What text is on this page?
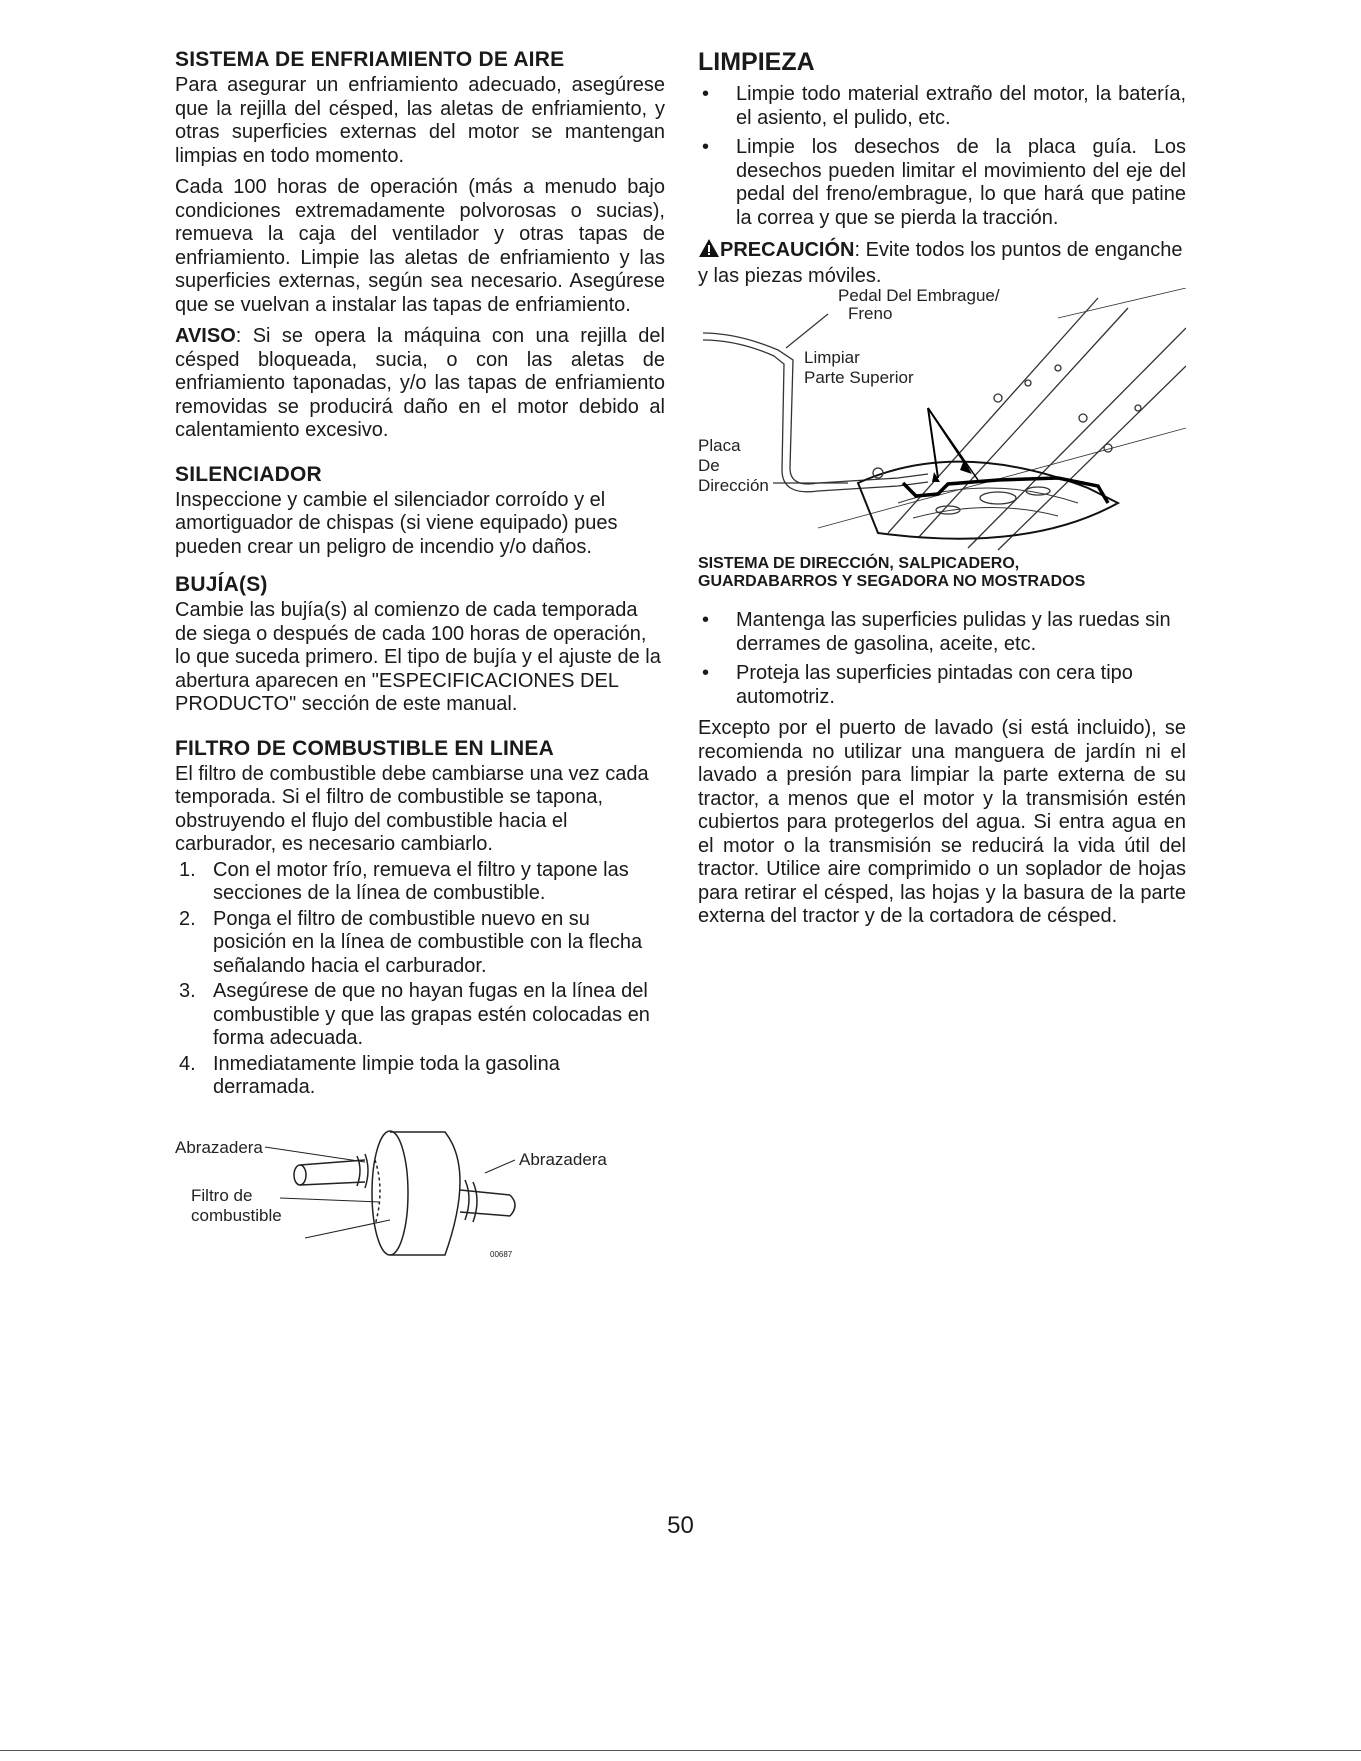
SISTEMA DE ENFRIAMIENTO DE AIRE

Para asegurar un enfriamiento adecuado, asegúrese que la rejilla del césped, las aletas de enfriamiento, y otras superficies externas del motor se mantengan limpias en todo momento.

Cada 100 horas de operación (más a menudo bajo condiciones extremadamente polvorosas o sucias), remueva la caja del ventilador y otras tapas de enfriamiento. Limpie las aletas de enfriamiento y las superficies externas, según sea necesario. Asegúrese que se vuelvan a instalar las tapas de enfriamiento.

AVISO: Si se opera la máquina con una rejilla del césped bloqueada, sucia, o con las aletas de enfriamiento taponadas, y/o las tapas de enfriamiento removidas se producirá daño en el motor debido al calentamiento excesivo.

SILENCIADOR

Inspeccione y cambie el silenciador corroído y el amortiguador de chispas (si viene equipado) pues pueden crear un peligro de incendio y/o daños.

BUJÍA(S)

Cambie las bujía(s) al comienzo de cada temporada de siega o después de cada 100 horas de operación, lo que suceda primero. El tipo de bujía y el ajuste de la abertura aparecen en "ESPECIFICACIONES DEL PRODUCTO" sección de este manual.

FILTRO DE COMBUSTIBLE EN LINEA

El filtro de combustible debe cambiarse una vez cada temporada. Si el filtro de combustible se tapona, obstruyendo el flujo del combustible hacia el carburador, es necesario cambiarlo.

1. Con el motor frío, remueva el filtro y tapone las secciones de la línea de combustible.
2. Ponga el filtro de combustible nuevo en su posición en la línea de combustible con la flecha señalando hacia el carburador.
3. Asegúrese de que no hayan fugas en la línea del combustible y que las grapas estén colocadas en forma adecuada.
4. Inmediatamente limpie toda la gasolina derramada.
Abrazadera
Abrazadera
Filtro de
combustible
00687
LIMPIEZA
• Limpie todo material extraño del motor, la batería, el asiento, el pulido, etc.
• Limpie los desechos de la placa guía. Los desechos pueden limitar el movimiento del eje del pedal del freno/embrague, lo que hará que patine la correa y que se pierda la tracción.
PRECAUCIÓN: Evite todos los puntos de enganche y las piezas móviles.
Pedal Del Embrague/
Freno
Limpiar
Parte Superior
Placa
De
Dirección
SISTEMA DE DIRECCIÓN, SALPICADERO,
GUARDABARROS Y SEGADORA NO MOSTRADOS
• Mantenga las superficies pulidas y las ruedas sin derrames de gasolina, aceite, etc.
• Proteja las superficies pintadas con cera tipo automotriz.

Excepto por el puerto de lavado (si está incluido), se recomienda no utilizar una manguera de jardín ni el lavado a presión para limpiar la parte externa de su tractor, a menos que el motor y la transmisión estén cubiertos para protegerlos del agua. Si entra agua en el motor o la transmisión se reducirá la vida útil del tractor. Utilice aire comprimido o un soplador de hojas para retirar el césped, las hojas y la basura de la parte externa del tractor y de la cortadora de césped.

50
